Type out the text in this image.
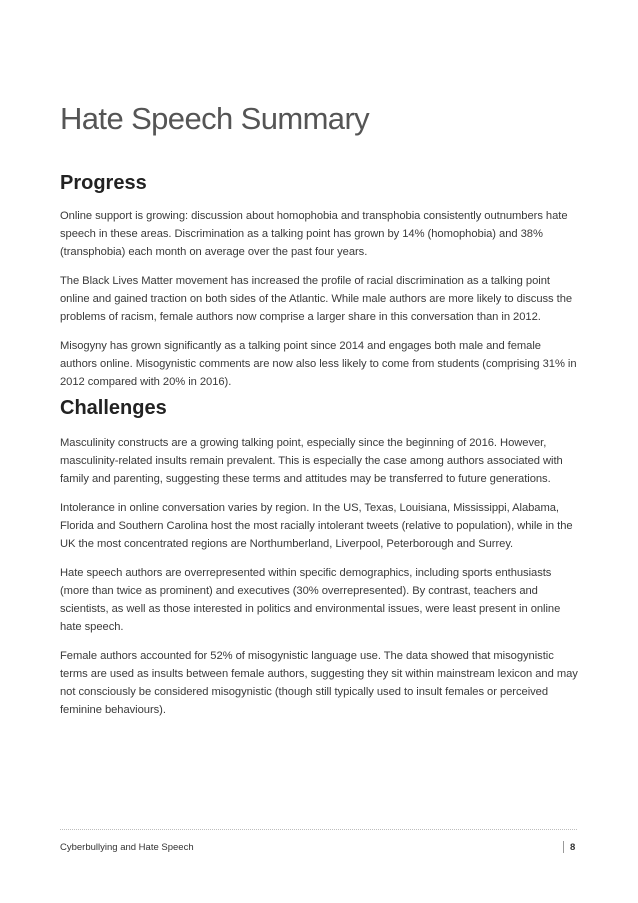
Hate Speech Summary
Progress

Online support is growing: discussion about homophobia and transphobia consistently outnumbers hate speech in these areas. Discrimination as a talking point has grown by 14% (homophobia) and 38% (transphobia) each month on average over the past four years.

The Black Lives Matter movement has increased the profile of racial discrimination as a talking point online and gained traction on both sides of the Atlantic. While male authors are more likely to discuss the problems of racism, female authors now comprise a larger share in this conversation than in 2012.

Misogyny has grown significantly as a talking point since 2014 and engages both male and female authors online. Misogynistic comments are now also less likely to come from students (comprising 31% in 2012 compared with 20% in 2016).

Challenges

Masculinity constructs are a growing talking point, especially since the beginning of 2016. However, masculinity-related insults remain prevalent. This is especially the case among authors associated with family and parenting, suggesting these terms and attitudes may be transferred to future generations.

Intolerance in online conversation varies by region. In the US, Texas, Louisiana, Mississippi, Alabama, Florida and Southern Carolina host the most racially intolerant tweets (relative to population), while in the UK the most concentrated regions are Northumberland, Liverpool, Peterborough and Surrey.

Hate speech authors are overrepresented within specific demographics, including sports enthusiasts (more than twice as prominent) and executives (30% overrepresented). By contrast, teachers and scientists, as well as those interested in politics and environmental issues, were least present in online hate speech.

Female authors accounted for 52% of misogynistic language use. The data showed that misogynistic terms are used as insults between female authors, suggesting they sit within mainstream lexicon and may not consciously be considered misogynistic (though still typically used to insult females or perceived feminine behaviours).

Cyberbullying and Hate Speech	8
